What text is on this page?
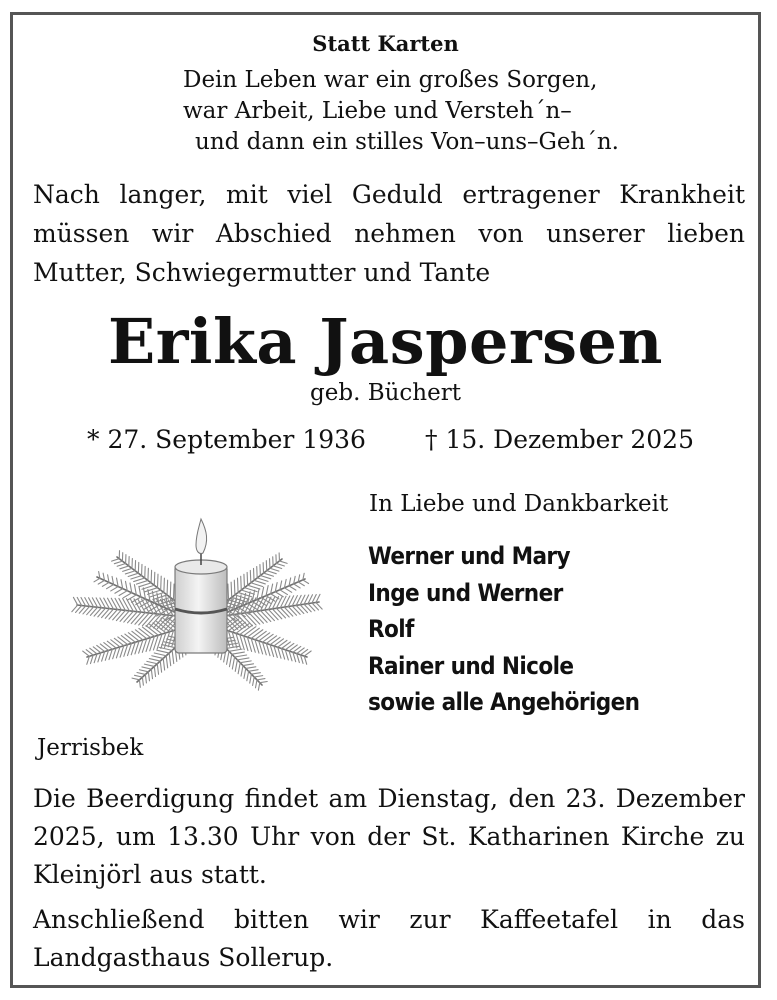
Statt Karten
Dein Leben war ein großes Sorgen,
war Arbeit, Liebe und Versteh´n–
und dann ein stilles Von–uns–Geh´n.
Nach langer, mit viel Geduld ertragener Krankheit müssen wir Abschied nehmen von unserer lieben Mutter, Schwiegermutter und Tante
Erika Jaspersen
geb. Büchert
* 27. September 1936 † 15. Dezember 2025
In Liebe und Dankbarkeit
Werner und Mary
Inge und Werner
Rolf
Rainer und Nicole
sowie alle Angehörigen
Jerrisbek
Die Beerdigung findet am Dienstag, den 23. Dezember 2025, um 13.30 Uhr von der St. Katharinen Kirche zu Kleinjörl aus statt.
Anschließend bitten wir zur Kaffeetafel in das Landgasthaus Sollerup.
